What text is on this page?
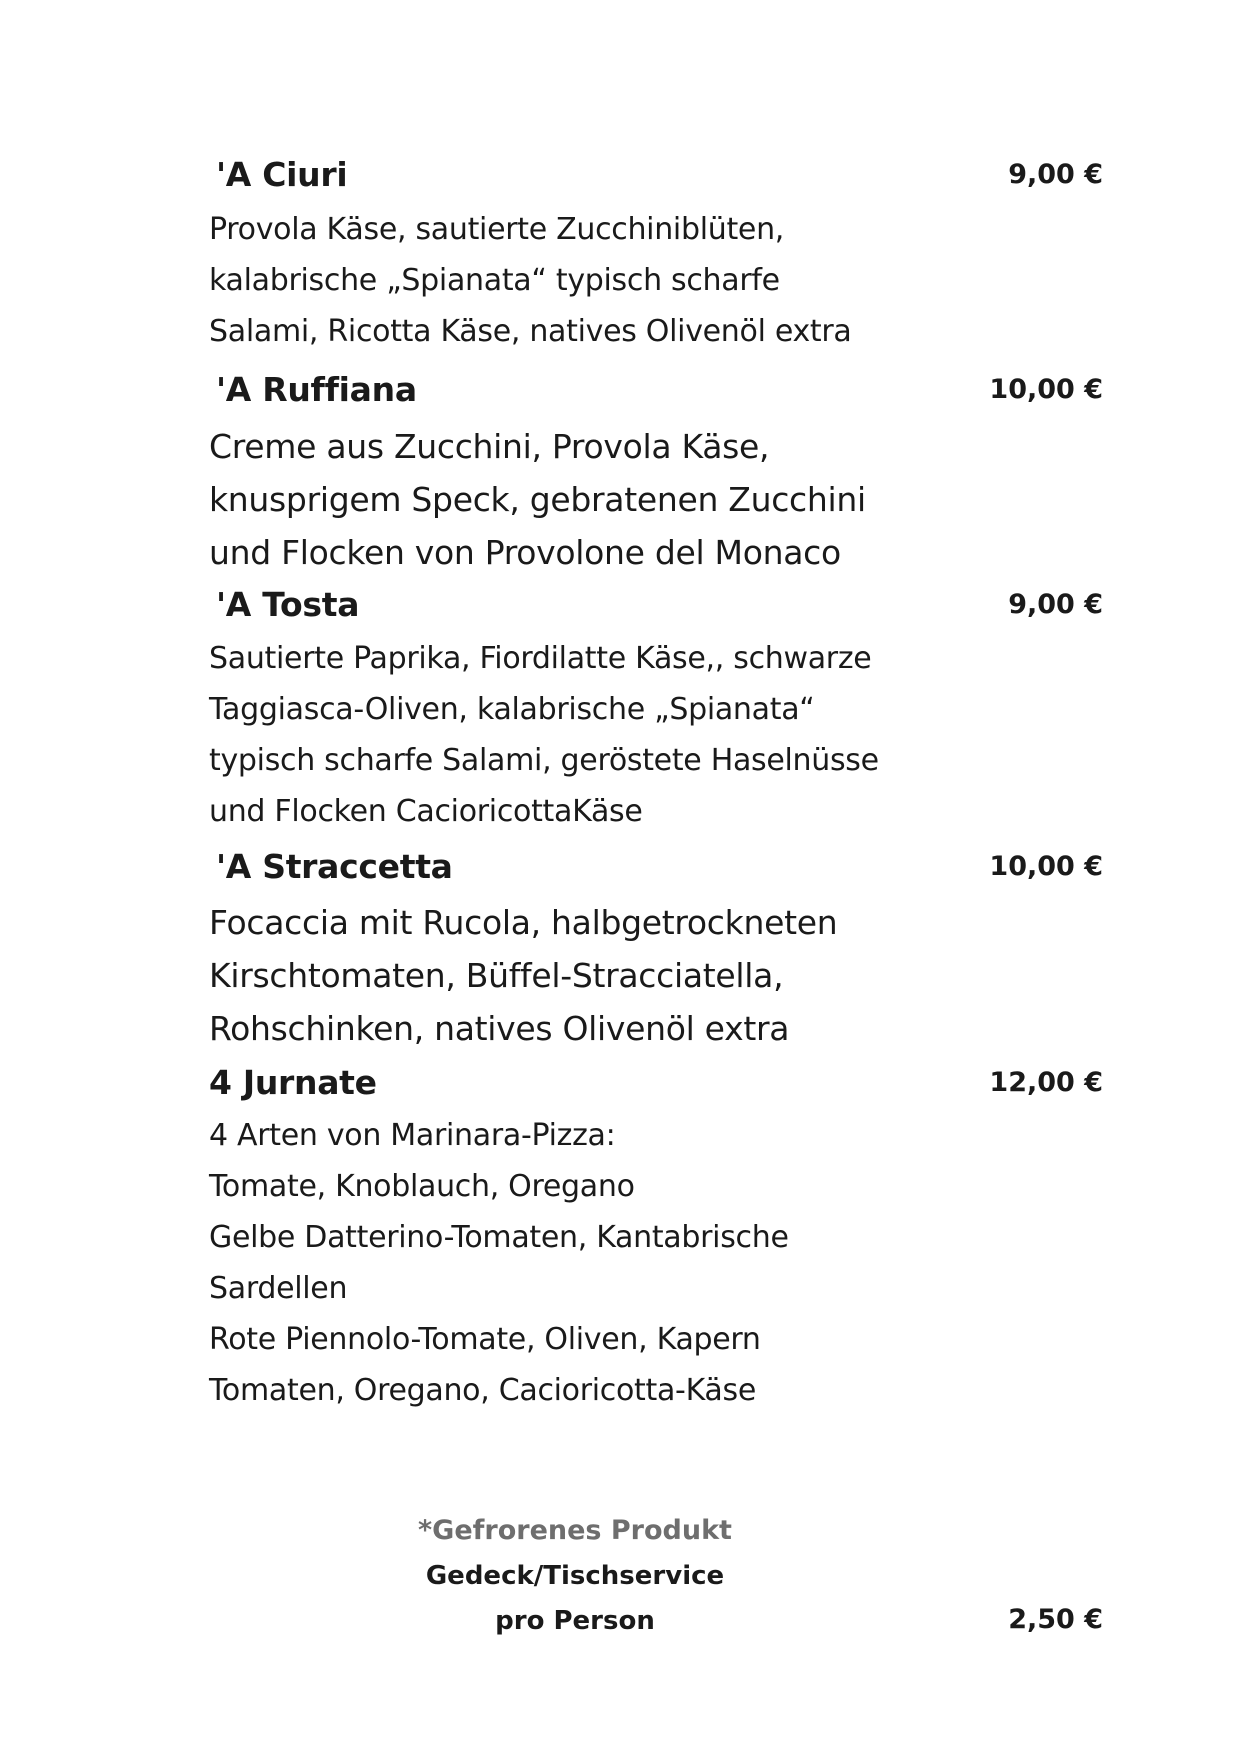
'A Ciuri	9,00 €
Provola Käse, sautierte Zucchiniblüten,
kalabrische „Spianata“ typisch scharfe
Salami, Ricotta Käse, natives Olivenöl extra
'A Ruffiana	10,00 €
Creme aus Zucchini, Provola Käse,
knusprigem Speck, gebratenen Zucchini
und Flocken von Provolone del Monaco
'A Tosta	9,00 €
Sautierte Paprika, Fiordilatte Käse,, schwarze
Taggiasca-Oliven, kalabrische „Spianata“
typisch scharfe Salami, geröstete Haselnüsse
und Flocken CacioricottaKäse
'A Straccetta	10,00 €
Focaccia mit Rucola, halbgetrockneten
Kirschtomaten, Büffel-Stracciatella,
Rohschinken, natives Olivenöl extra
4 Jurnate	12,00 €
4 Arten von Marinara-Pizza:
Tomate, Knoblauch, Oregano
Gelbe Datterino-Tomaten, Kantabrische
Sardellen
Rote Piennolo-Tomate, Oliven, Kapern
Tomaten, Oregano, Cacioricotta-Käse
*Gefrorenes Produkt
Gedeck/Tischservice
pro Person	2,50 €
